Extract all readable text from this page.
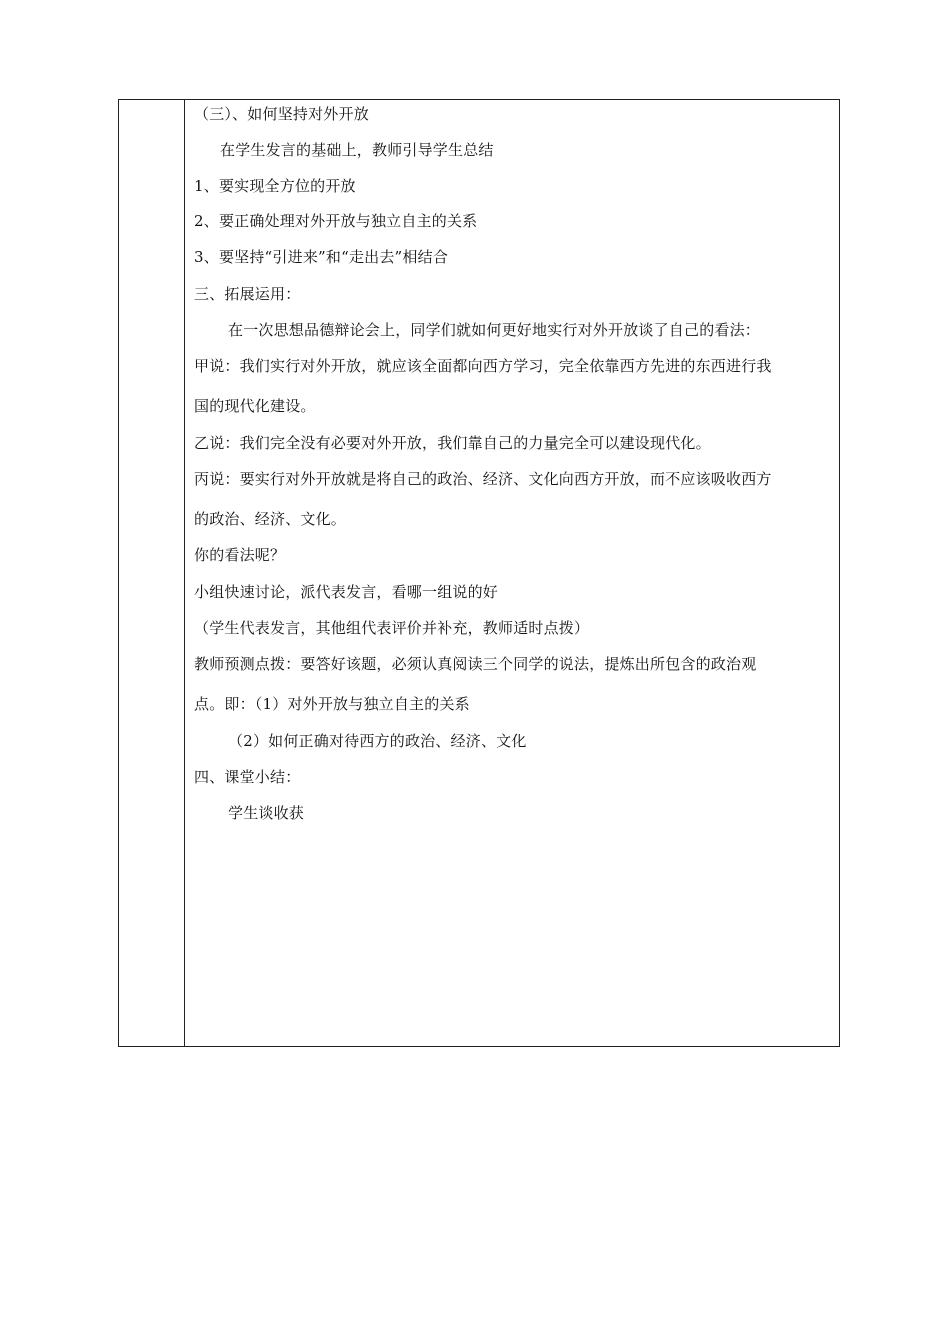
（三）、如何坚持对外开放
在学生发言的基础上，教师引导学生总结
1、要实现全方位的开放
2、要正确处理对外开放与独立自主的关系
3、要坚持“引进来”和“走出去”相结合
三、拓展运用：
在一次思想品德辩论会上，同学们就如何更好地实行对外开放谈了自己的看法：
甲说：我们实行对外开放，就应该全面都向西方学习，完全依靠西方先进的东西进行我
国的现代化建设。
乙说：我们完全没有必要对外开放，我们靠自己的力量完全可以建设现代化。
丙说：要实行对外开放就是将自己的政治、经济、文化向西方开放，而不应该吸收西方
的政治、经济、文化。
你的看法呢？
小组快速讨论，派代表发言，看哪一组说的好
（学生代表发言，其他组代表评价并补充，教师适时点拨）
教师预测点拨：要答好该题，必须认真阅读三个同学的说法，提炼出所包含的政治观
点。即：（1）对外开放与独立自主的关系
（2）如何正确对待西方的政治、经济、文化
四、课堂小结：
学生谈收获
